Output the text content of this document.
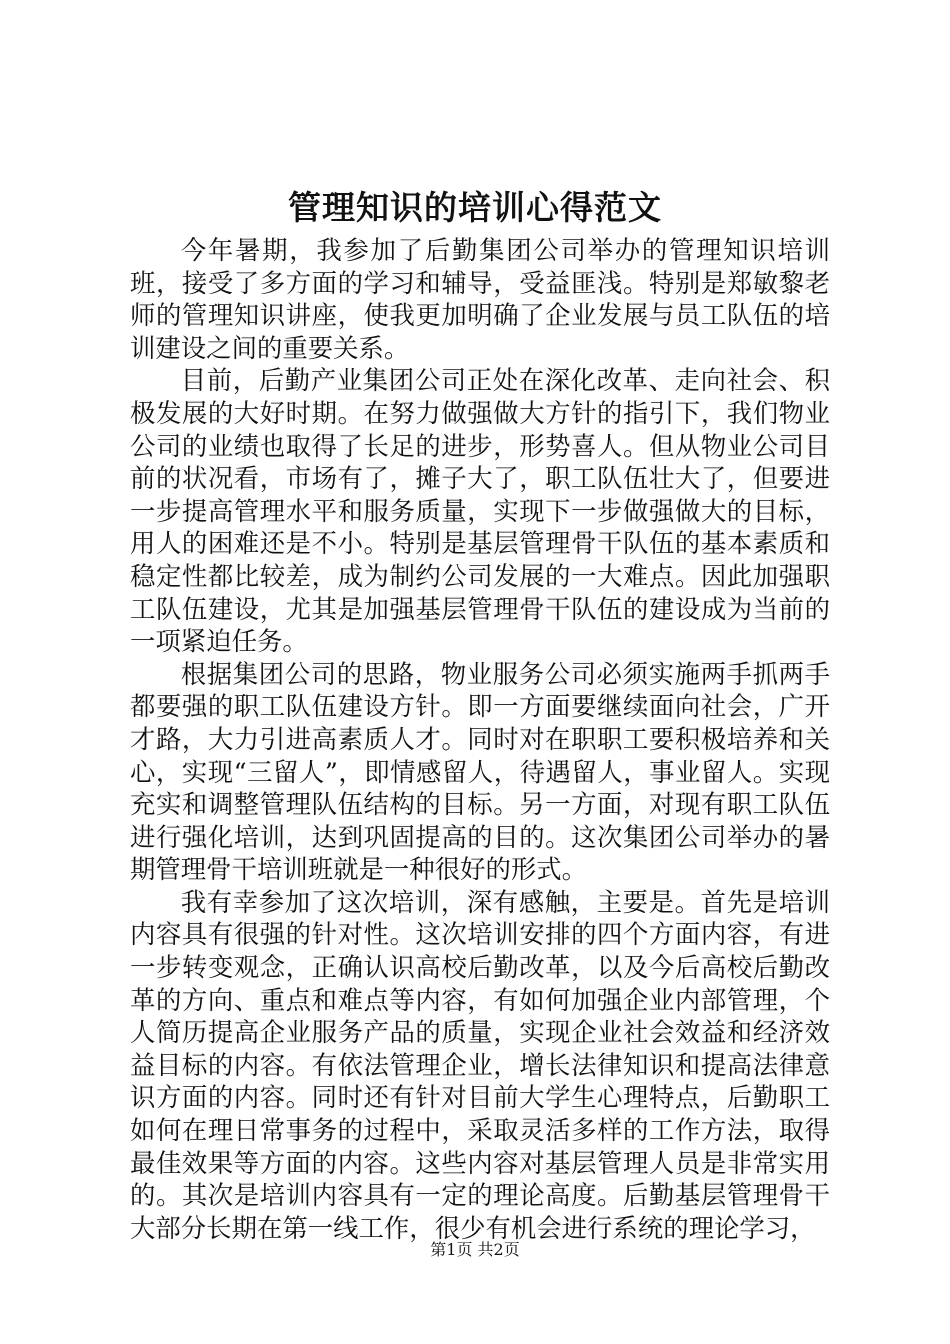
管理知识的培训心得范文

今年暑期，我参加了后勤集团公司举办的管理知识培训班，接受了多方面的学习和辅导，受益匪浅。特别是郑敏黎老师的管理知识讲座，使我更加明确了企业发展与员工队伍的培训建设之间的重要关系。

目前，后勤产业集团公司正处在深化改革、走向社会、积极发展的大好时期。在努力做强做大方针的指引下，我们物业公司的业绩也取得了长足的进步，形势喜人。但从物业公司目前的状况看，市场有了，摊子大了，职工队伍壮大了，但要进一步提高管理水平和服务质量，实现下一步做强做大的目标，用人的困难还是不小。特别是基层管理骨干队伍的基本素质和稳定性都比较差，成为制约公司发展的一大难点。因此加强职工队伍建设，尤其是加强基层管理骨干队伍的建设成为当前的一项紧迫任务。

根据集团公司的思路，物业服务公司必须实施两手抓两手都要强的职工队伍建设方针。即一方面要继续面向社会，广开才路，大力引进高素质人才。同时对在职职工要积极培养和关心，实现“三留人”，即情感留人，待遇留人，事业留人。实现充实和调整管理队伍结构的目标。另一方面，对现有职工队伍进行强化培训，达到巩固提高的目的。这次集团公司举办的暑期管理骨干培训班就是一种很好的形式。

我有幸参加了这次培训，深有感触，主要是。首先是培训内容具有很强的针对性。这次培训安排的四个方面内容，有进一步转变观念，正确认识高校后勤改革，以及今后高校后勤改革的方向、重点和难点等内容，有如何加强企业内部管理，个人简历提高企业服务产品的质量，实现企业社会效益和经济效益目标的内容。有依法管理企业，增长法律知识和提高法律意识方面的内容。同时还有针对目前大学生心理特点，后勤职工如何在理日常事务的过程中，采取灵活多样的工作方法，取得最佳效果等方面的内容。这些内容对基层管理人员是非常实用的。其次是培训内容具有一定的理论高度。后勤基层管理骨干大部分长期在第一线工作，很少有机会进行系统的理论学习，

第1页 共2页
